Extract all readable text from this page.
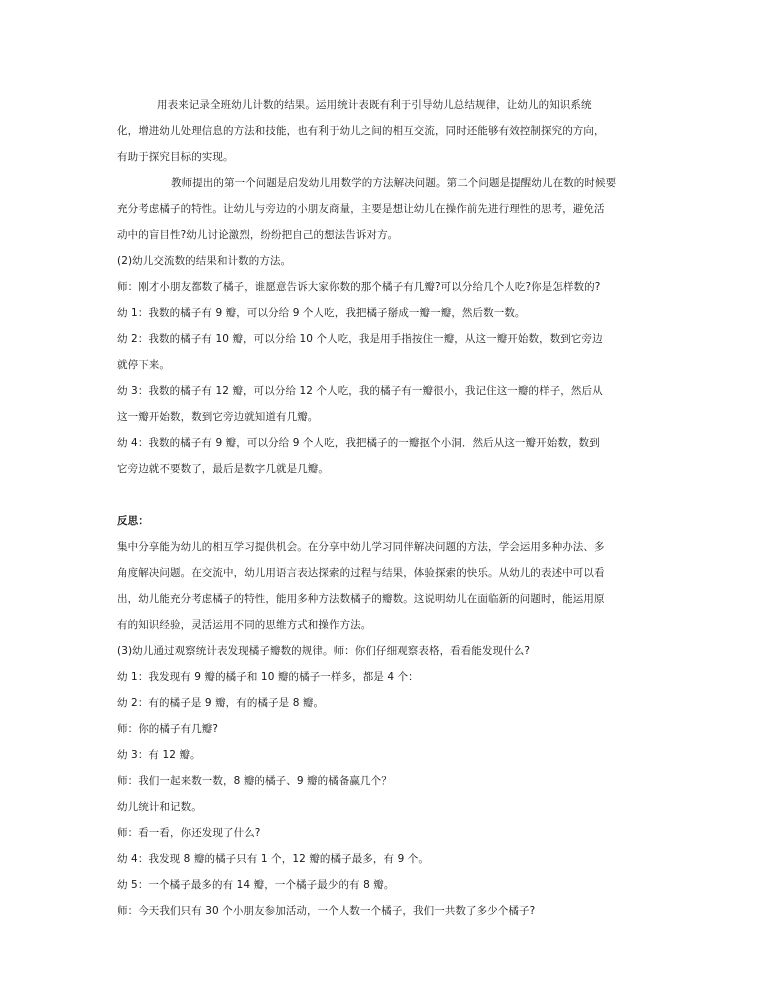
用表来记录全班幼儿计数的结果。运用统计表既有利于引导幼儿总结规律，让幼儿的知识系统
化，增进幼儿处理信息的方法和技能，也有利于幼儿之间的相互交流，同时还能够有效控制探究的方向，
有助于探究目标的实现。
教师提出的第一个问题是启发幼儿用数学的方法解决问题。第二个问题是提醒幼儿在数的时候要
充分考虑橘子的特性。让幼儿与旁边的小朋友商量，主要是想让幼儿在操作前先进行理性的思考，避免活
动中的盲目性?幼儿讨论激烈，纷纷把自己的想法告诉对方。
(2)幼儿交流数的结果和计数的方法。
师：刚才小朋友都数了橘子，谁愿意告诉大家你数的那个橘子有几瓣?可以分给几个人吃?你是怎样数的?
幼 1：我数的橘子有 9 瓣，可以分给 9 个人吃，我把橘子掰成一瓣一瓣，然后数一数。
幼 2：我数的橘子有 10 瓣，可以分给 10 个人吃，我是用手指按住一瓣，从这一瓣开始数，数到它旁边
就停下来。
幼 3：我数的橘子有 12 瓣，可以分给 12 个人吃，我的橘子有一瓣很小，我记住这一瓣的样子，然后从
这一瓣开始数，数到它旁边就知道有几瓣。
幼 4：我数的橘子有 9 瓣，可以分给 9 个人吃，我把橘子的一瓣抠个小洞．然后从这一瓣开始数，数到
它旁边就不要数了，最后是数字几就是几瓣。
反思：
集中分享能为幼儿的相互学习提供机会。在分享中幼儿学习同伴解决问题的方法，学会运用多种办法、多
角度解决问题。在交流中，幼儿用语言表达探索的过程与结果，体验探索的快乐。从幼儿的表述中可以看
出，幼儿能充分考虑橘子的特性，能用多种方法数橘子的瓣数。这说明幼儿在面临新的问题时，能运用原
有的知识经验，灵活运用不同的思维方式和操作方法。
(3)幼儿通过观察统计表发现橘子瓣数的规律。师：你们仔细观察表格，看看能发现什么?
幼 1：我发现有 9 瓣的橘子和 10 瓣的橘子一样多，都是 4 个：
幼 2：有的橘子是 9 瓣，有的橘子是 8 瓣。
师：你的橘子有几瓣?
幼 3：有 12 瓣。
师：我们一起来数一数，8 瓣的橘子、9 瓣的橘备赢几个？
幼儿统计和记数。
师：看一看，你还发现了什么?
幼 4：我发现 8 瓣的橘子只有 1 个，12 瓣的橘子最多，有 9 个。
幼 5：一个橘子最多的有 14 瓣，一个橘子最少的有 8 瓣。
师：今天我们只有 30 个小朋友参加活动，一个人数一个橘子，我们一共数了多少个橘子?
